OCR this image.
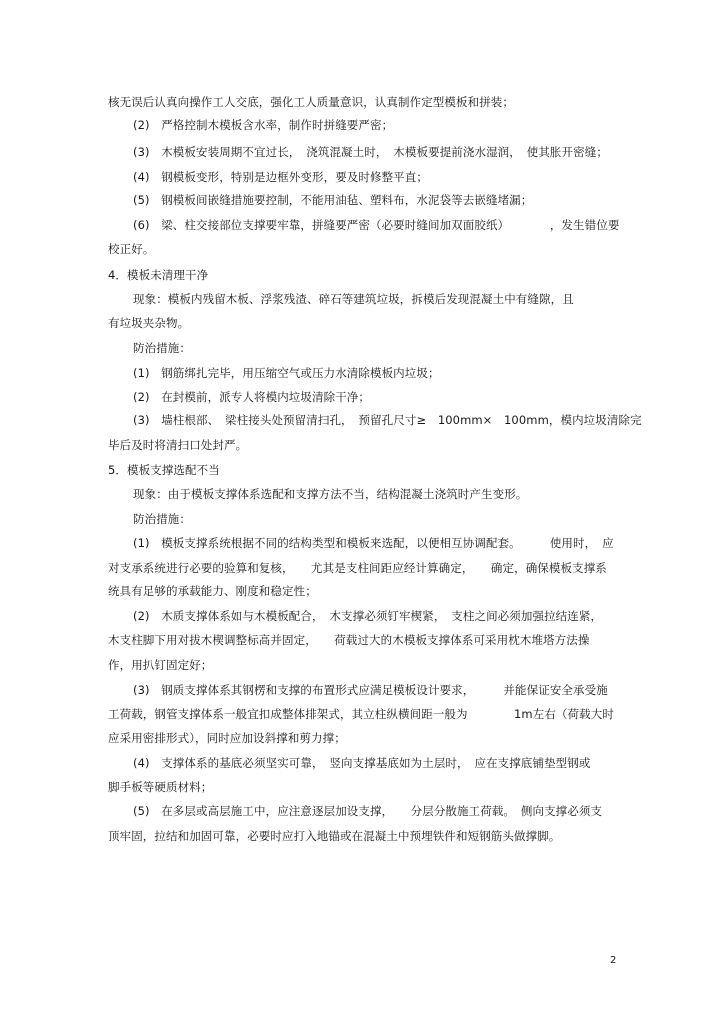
核无误后认真向操作工人交底，强化工人质量意识，认真制作定型模板和拼装；

(2)　严格控制木模板含水率，制作时拼缝要严密；

(3)　木模板安装周期不宜过长，　浇筑混凝土时，　木模板要提前浇水湿润，　使其胀开密缝；

(4)　钢模板变形，特别是边框外变形，要及时修整平直；

(5)　钢模板间嵌缝措施要控制，不能用油毡、塑料布，水泥袋等去嵌缝堵漏；

(6)　梁、柱交接部位支撑要牢靠，拼缝要严密（必要时缝间加双面胶纸）　　　　，发生错位要

校正好。

4．模板未清理干净

现象：模板内残留木板、浮浆残渣、碎石等建筑垃圾，拆模后发现混凝土中有缝隙，且

有垃圾夹杂物。

防治措施：

(1)　钢筋绑扎完毕，用压缩空气或压力水清除模板内垃圾；

(2)　在封模前，派专人将模内垃圾清除干净；

(3)　墙柱根部、　梁柱接头处预留清扫孔，　预留孔尺寸≥　100mm×　100mm，模内垃圾清除完

毕后及时将清扫口处封严。

5．模板支撑选配不当

现象：由于模板支撑体系选配和支撑方法不当，结构混凝土浇筑时产生变形。

防治措施：

(1)　模板支撑系统根据不同的结构类型和模板来选配，以便相互协调配套。　　　使用时，　应

对支承系统进行必要的验算和复核，　　尤其是支柱间距应经计算确定，　　确定，确保模板支撑系

统具有足够的承载能力、刚度和稳定性；

(2)　木质支撑体系如与木模板配合，　木支撑必须钉牢楔紧，　支柱之间必须加强拉结连紧，

木支柱脚下用对拔木楔调整标高并固定，　　荷载过大的木模板支撑体系可采用枕木堆塔方法操

作，用扒钉固定好；

(3)　钢质支撑体系其钢楞和支撑的布置形式应满足模板设计要求，　　　并能保证安全承受施

工荷载，钢管支撑体系一般宜扣成整体排架式，其立柱纵横间距一般为　　　　1m左右（荷载大时

应采用密排形式），同时应加设斜撑和剪力撑；

(4)　支撑体系的基底必须坚实可靠，　竖向支撑基底如为土层时，　应在支撑底铺垫型钢或

脚手板等硬质材料；

(5)　在多层或高层施工中，应注意逐层加设支撑，　　分层分散施工荷载。　侧向支撑必须支

顶牢固，拉结和加固可靠，必要时应打入地锚或在混凝土中预埋铁件和短钢筋头做撑脚。

2
